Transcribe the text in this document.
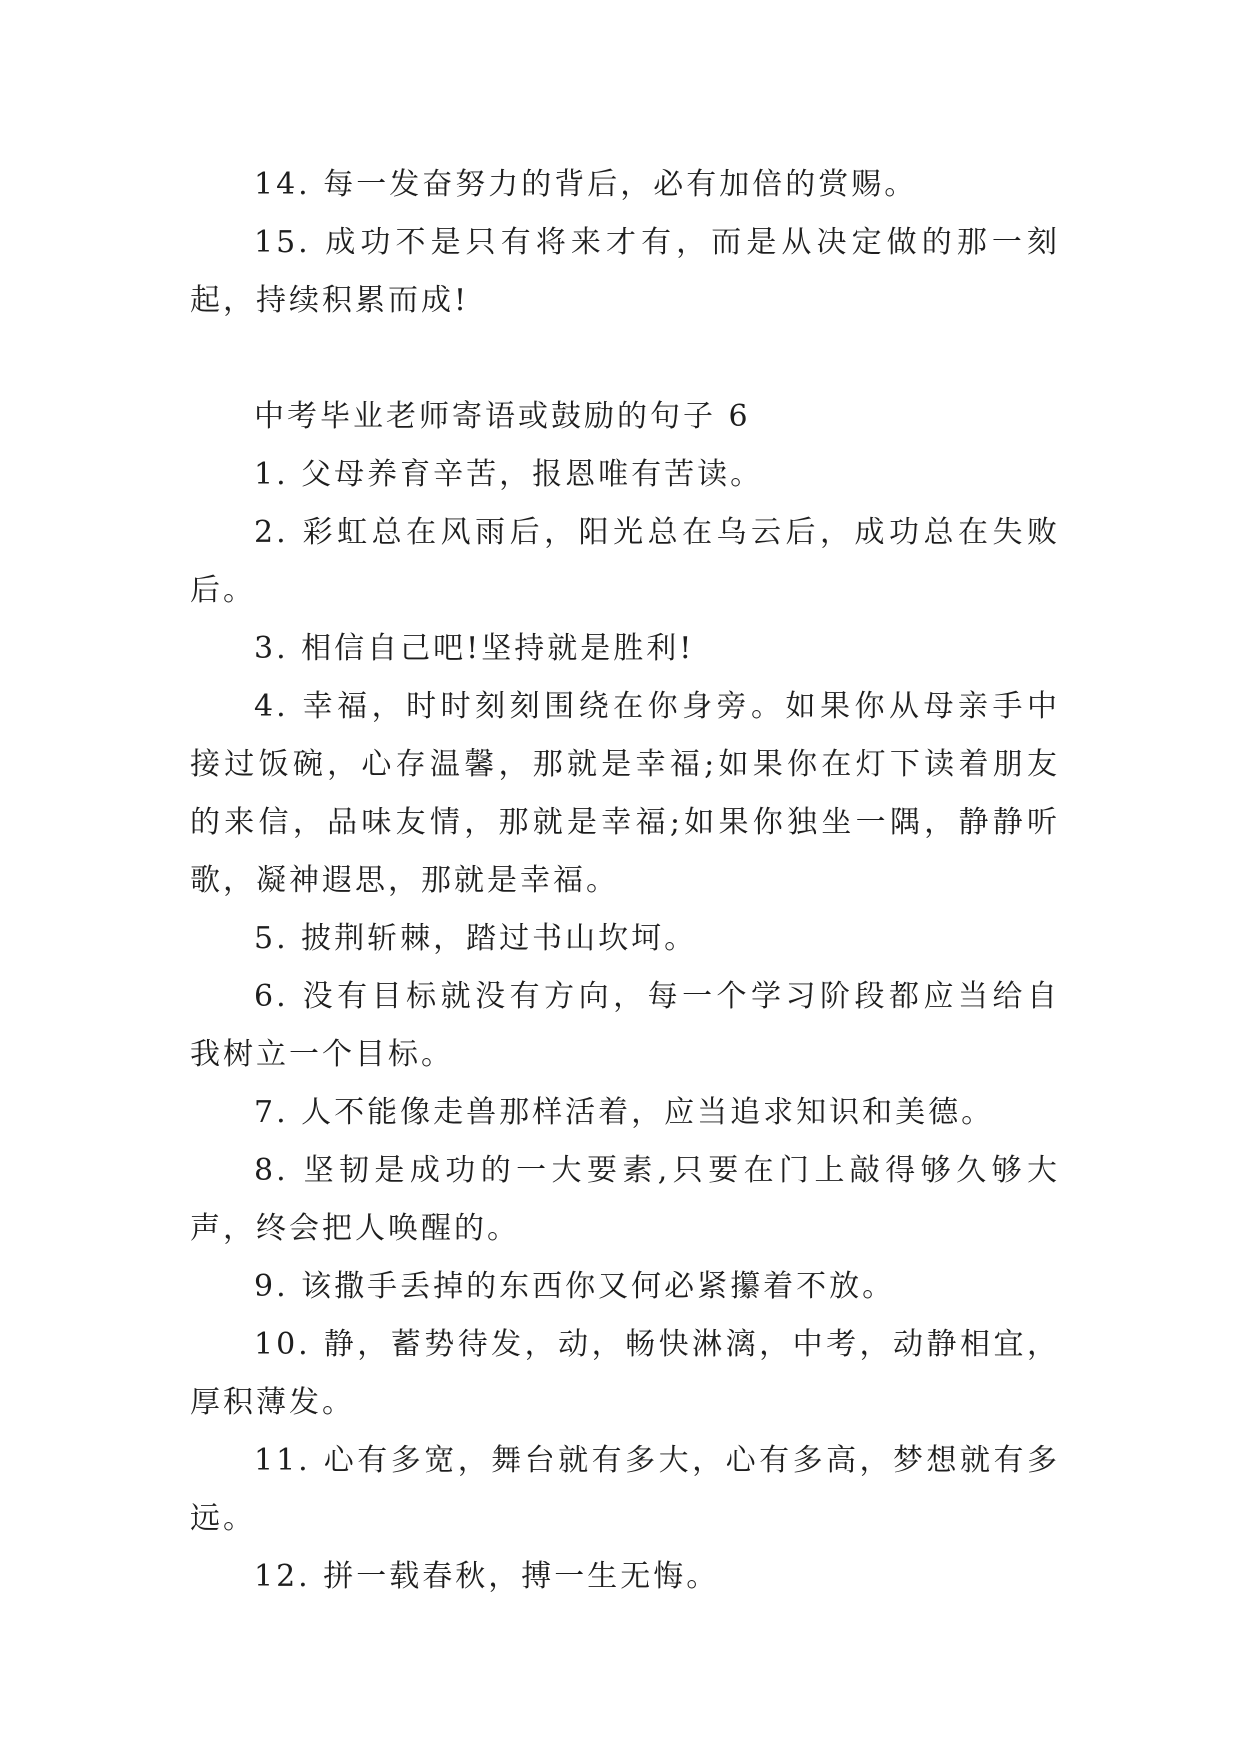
14. 每一发奋努力的背后，必有加倍的赏赐。

15. 成功不是只有将来才有，而是从决定做的那一刻起，持续积累而成!

中考毕业老师寄语或鼓励的句子 6

1. 父母养育辛苦，报恩唯有苦读。

2. 彩虹总在风雨后，阳光总在乌云后，成功总在失败后。

3. 相信自己吧!坚持就是胜利!

4. 幸福，时时刻刻围绕在你身旁。如果你从母亲手中接过饭碗，心存温馨，那就是幸福;如果你在灯下读着朋友的来信，品味友情，那就是幸福;如果你独坐一隅，静静听歌，凝神遐思，那就是幸福。

5. 披荆斩棘，踏过书山坎坷。

6. 没有目标就没有方向，每一个学习阶段都应当给自我树立一个目标。

7. 人不能像走兽那样活着，应当追求知识和美德。

8. 坚韧是成功的一大要素,只要在门上敲得够久够大声，终会把人唤醒的。

9. 该撒手丢掉的东西你又何必紧攥着不放。

10. 静，蓄势待发，动，畅快淋漓，中考，动静相宜，厚积薄发。

11. 心有多宽，舞台就有多大，心有多高，梦想就有多远。

12. 拼一载春秋，搏一生无悔。
